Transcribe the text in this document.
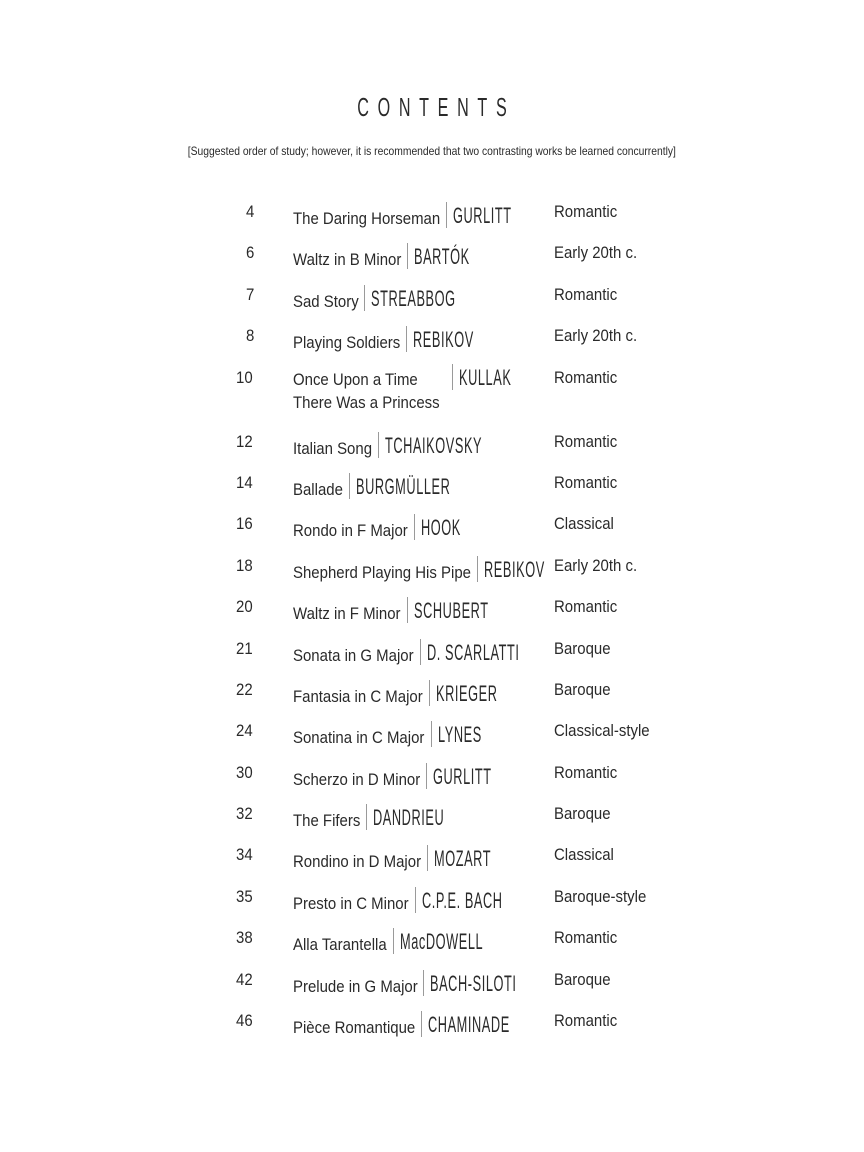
CONTENTS
[Suggested order of study; however, it is recommended that two contrasting works be learned concurrently]
4 The Daring Horseman GURLITT	Romantic
6 Waltz in B Minor BARTÓK	Early 20th c.
7 Sad Story STREABBOG	Romantic
8 Playing Soldiers REBIKOV	Early 20th c.
10 Once Upon a Time
There Was a Princess
KULLAK	Romantic
12 Italian Song TCHAIKOVSKY	Romantic
14 Ballade BURGMÜLLER	Romantic
16 Rondo in F Major HOOK	Classical
18 Shepherd Playing His Pipe REBIKOV Early 20th c.
20 Waltz in F Minor SCHUBERT	Romantic
21 Sonata in G Major D. SCARLATTI	Baroque
22 Fantasia in C Major KRIEGER	Baroque
24 Sonatina in C Major LYNES	Classical-style
30 Scherzo in D Minor GURLITT	Romantic
32 The Fifers DANDRIEU	Baroque
34 Rondino in D Major MOZART	Classical
35 Presto in C Minor C.P.E. BACH	Baroque-style
38 Alla Tarantella MacDOWELL	Romantic
42 Prelude in G Major BACH-SILOTI	Baroque
46 Pièce Romantique CHAMINADE	Romantic
